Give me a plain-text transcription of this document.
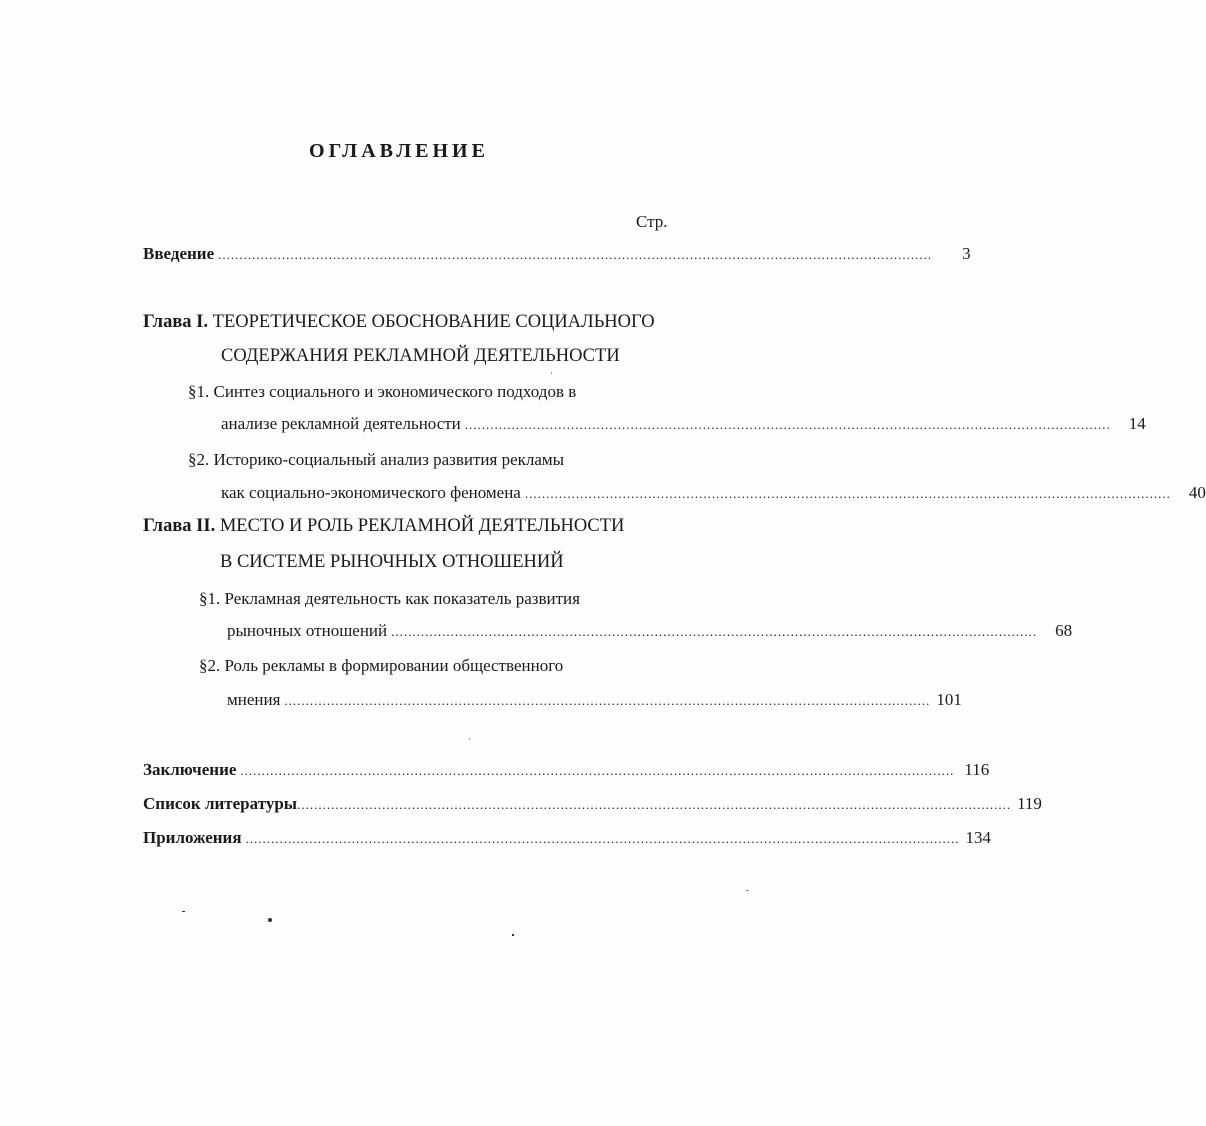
ОГЛАВЛЕНИЕ
Стр.
Введение ........................................................................................................................................................................ 3
Глава I. ТЕОРЕТИЧЕСКОЕ ОБОСНОВАНИЕ СОЦИАЛЬНОГО
СОДЕРЖАНИЯ РЕКЛАМНОЙ ДЕЯТЕЛЬНОСТИ
§1. Синтез социального и экономического подходов в
анализе рекламной деятельности ........................................................................................................................................................ 14
§2. Историко-социальный анализ развития рекламы
как социально-экономического феномена ........................................................................................................................................................ 40
Глава II. МЕСТО И РОЛЬ РЕКЛАМНОЙ ДЕЯТЕЛЬНОСТИ
В СИСТЕМЕ РЫНОЧНЫХ ОТНОШЕНИЙ
§1. Рекламная деятельность как показатель развития
рыночных отношений ........................................................................................................................................................ 68
§2. Роль рекламы в формировании общественного
мнения ........................................................................................................................................................ 101
Заключение ........................................................................................................................................................................ 116
Список литературы ........................................................................................................................................................................ 119
Приложения ........................................................................................................................................................................ 134
